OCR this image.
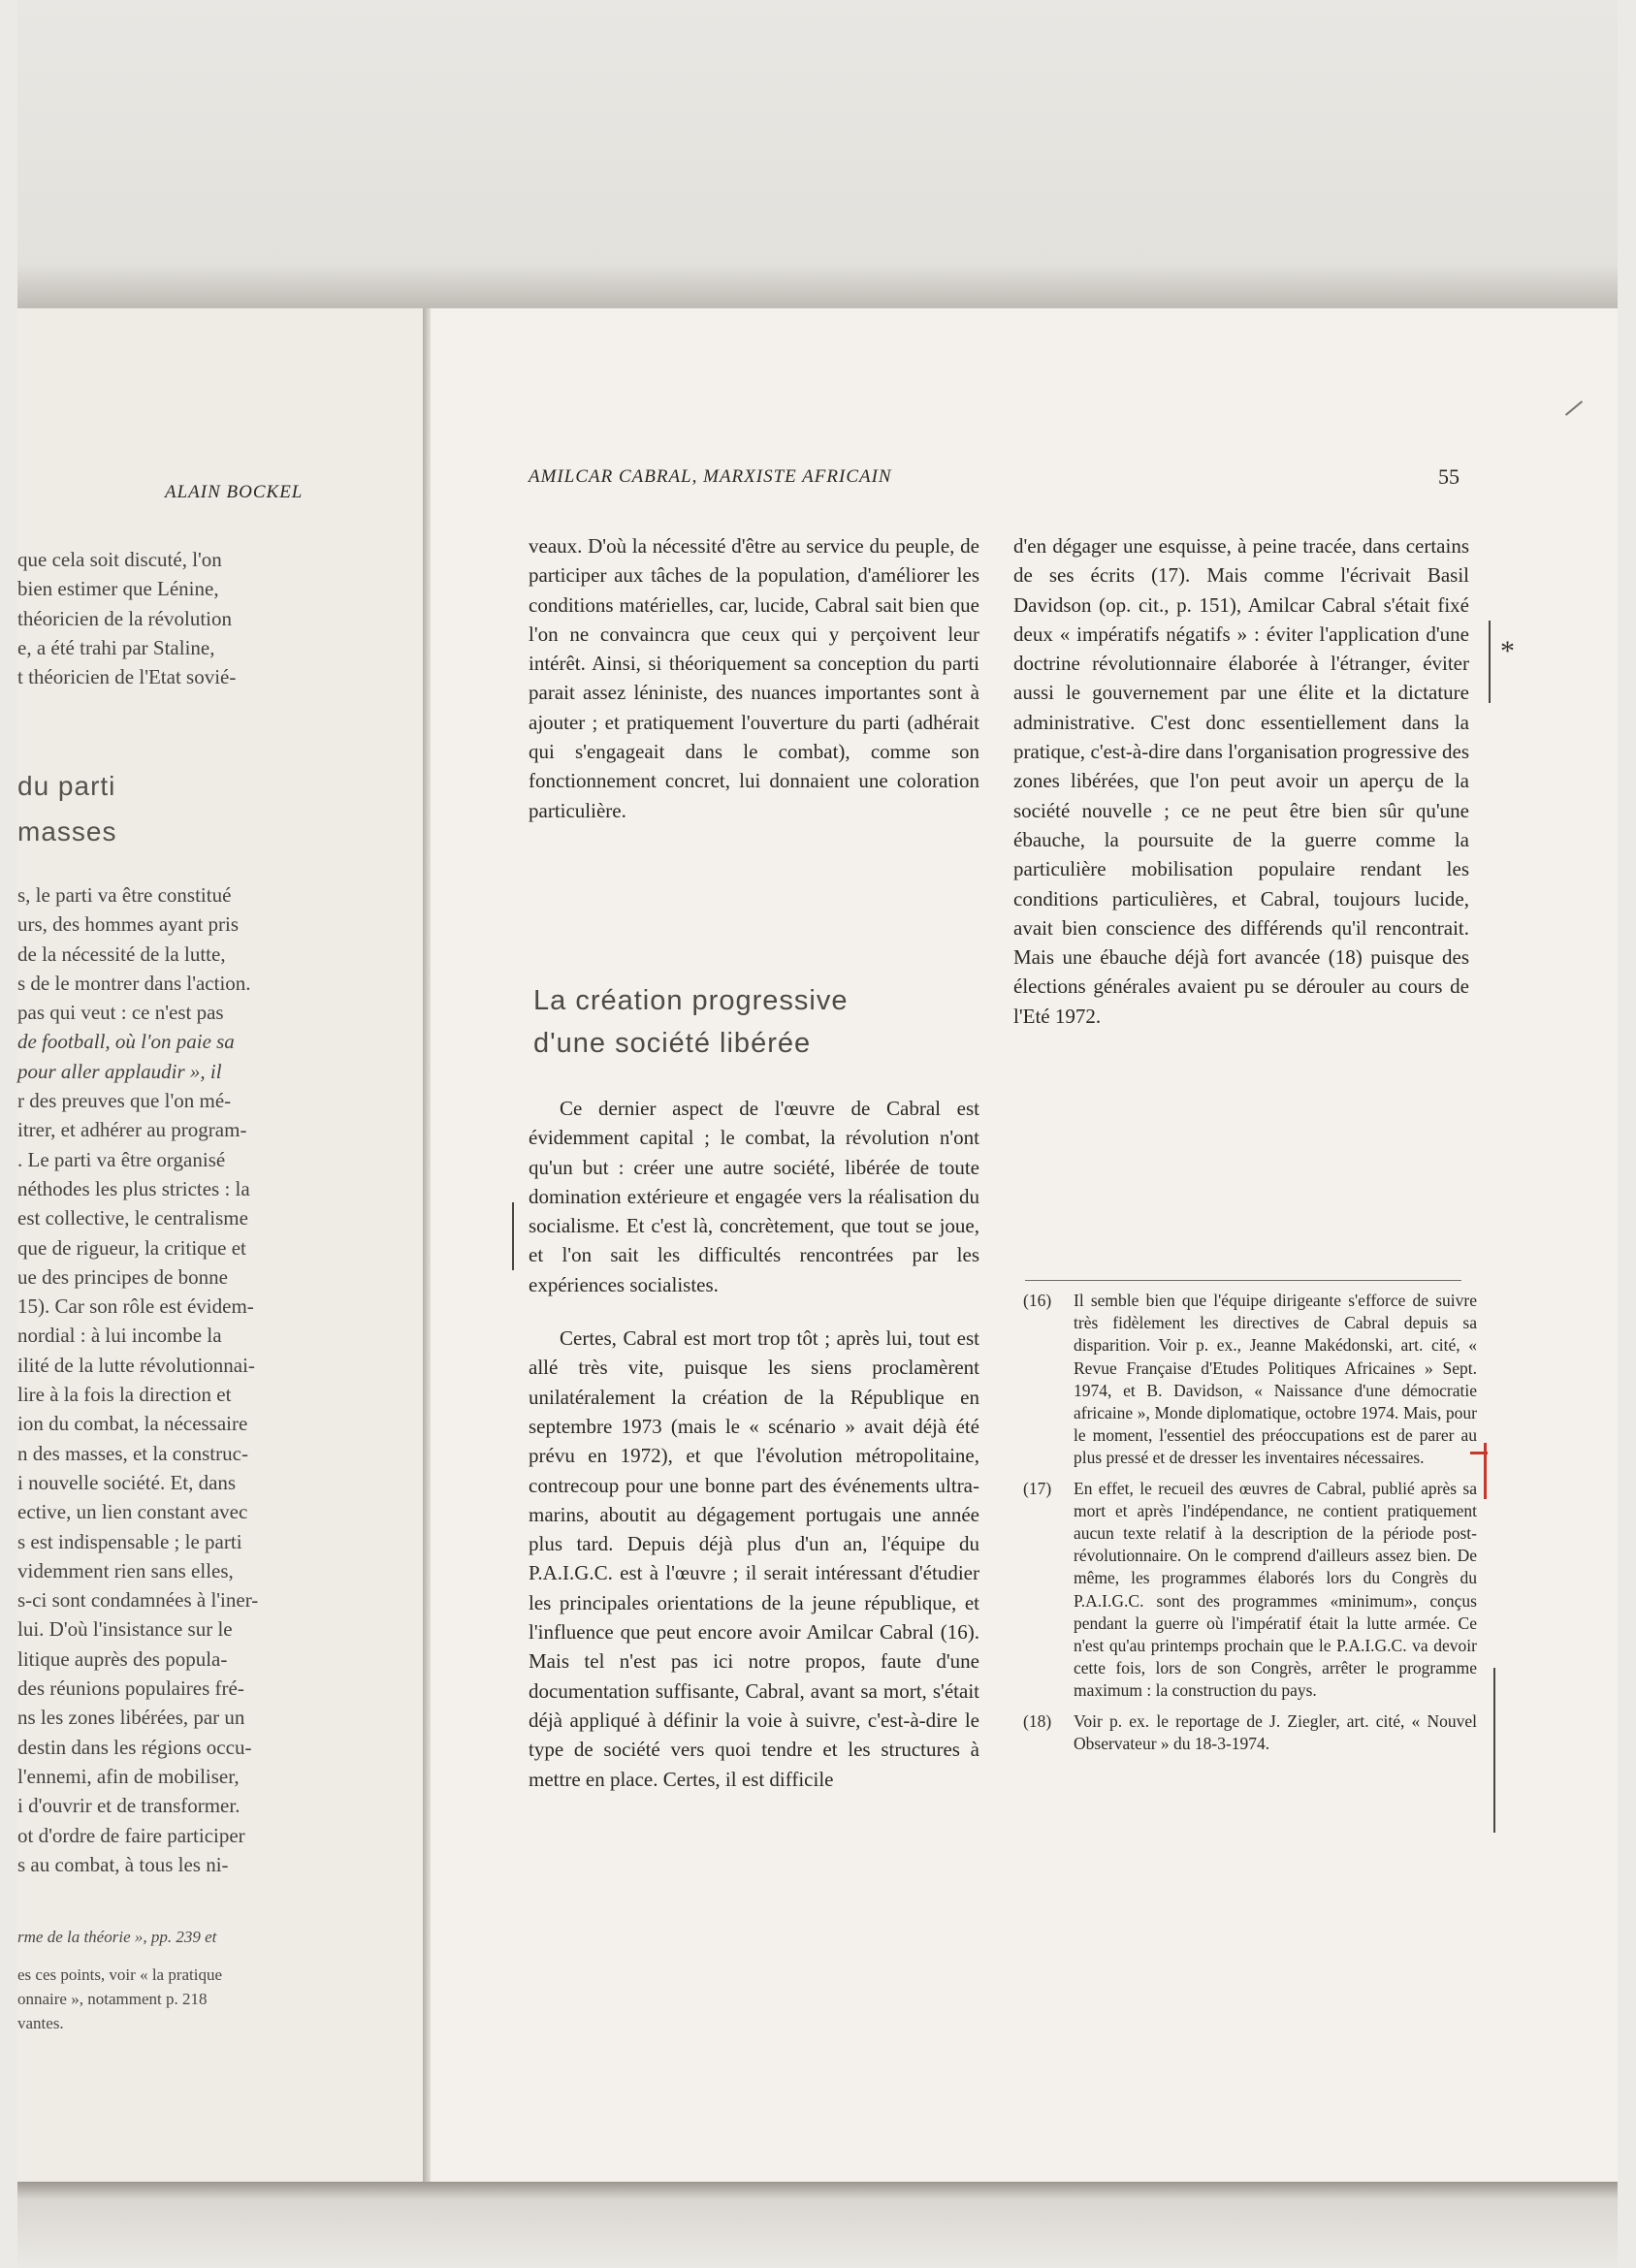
ALAIN BOCKEL
AMILCAR CABRAL, MARXISTE AFRICAIN	55
que cela soit discuté, l'on
bien estimer que Lénine,
théoricien de la révolution
e, a été trahi par Staline,
t théoricien de l'Etat sovié-
du parti
masses
s, le parti va être constitué
urs, des hommes ayant pris
de la nécessité de la lutte,
s de le montrer dans l'action.
pas qui veut : ce n'est pas
de football, où l'on paie sa
pour aller applaudir », il
r des preuves que l'on mé-
itrer, et adhérer au program-
. Le parti va être organisé
néthodes les plus strictes : la
est collective, le centralisme
que de rigueur, la critique et
ue des principes de bonne
15). Car son rôle est évidem-
nordial : à lui incombe la
ilité de la lutte révolutionnai-
lire à la fois la direction et
ion du combat, la nécessaire
n des masses, et la construc-
i nouvelle société. Et, dans
ective, un lien constant avec
s est indispensable ; le parti
videmment rien sans elles,
s-ci sont condamnées à l'iner-
lui. D'où l'insistance sur le
litique auprès des popula-
des réunions populaires fré-
ns les zones libérées, par un
destin dans les régions occu-
l'ennemi, afin de mobiliser,
i d'ouvrir et de transformer.
ot d'ordre de faire participer
s au combat, à tous les ni-
rme de la théorie », pp. 239 et
es ces points, voir « la pratique
onnaire », notamment p. 218
vantes.

veaux. D'où la nécessité d'être au service du peuple, de participer aux tâches de la population, d'améliorer les conditions matérielles, car, lucide, Cabral sait bien que l'on ne convaincra que ceux qui y perçoivent leur intérêt. Ainsi, si théoriquement sa conception du parti parait assez léniniste, des nuances importantes sont à ajouter ; et pratiquement l'ouverture du parti (adhérait qui s'engageait dans le combat), comme son fonctionnement concret, lui donnaient une coloration particulière.

La création progressive
d'une société libérée

Ce dernier aspect de l'œuvre de Cabral est évidemment capital ; le combat, la révolution n'ont qu'un but : créer une autre société, libérée de toute domination extérieure et engagée vers la réalisation du socialisme. Et c'est là, concrètement, que tout se joue, et l'on sait les difficultés rencontrées par les expériences socialistes.

Certes, Cabral est mort trop tôt ; après lui, tout est allé très vite, puisque les siens proclamèrent unilatéralement la création de la République en septembre 1973 (mais le « scénario » avait déjà été prévu en 1972), et que l'évolution métropolitaine, contrecoup pour une bonne part des événements ultra-marins, aboutit au dégagement portugais une année plus tard. Depuis déjà plus d'un an, l'équipe du P.A.I.G.C. est à l'œuvre ; il serait intéressant d'étudier les principales orientations de la jeune république, et l'influence que peut encore avoir Amilcar Cabral (16). Mais tel n'est pas ici notre propos, faute d'une documentation suffisante, Cabral, avant sa mort, s'était déjà appliqué à définir la voie à suivre, c'est-à-dire le type de société vers quoi tendre et les structures à mettre en place. Certes, il est difficile

d'en dégager une esquisse, à peine tracée, dans certains de ses écrits (17). Mais comme l'écrivait Basil Davidson (op. cit., p. 151), Amilcar Cabral s'était fixé deux « impératifs négatifs » : éviter l'application d'une doctrine révolutionnaire élaborée à l'étranger, éviter aussi le gouvernement par une élite et la dictature administrative. C'est donc essentiellement dans la pratique, c'est-à-dire dans l'organisation progressive des zones libérées, que l'on peut avoir un aperçu de la société nouvelle ; ce ne peut être bien sûr qu'une ébauche, la poursuite de la guerre comme la particulière mobilisation populaire rendant les conditions particulières, et Cabral, toujours lucide, avait bien conscience des différends qu'il rencontrait. Mais une ébauche déjà fort avancée (18) puisque des élections générales avaient pu se dérouler au cours de l'Eté 1972.

(16)	Il semble bien que l'équipe dirigeante s'efforce de suivre très fidèlement les directives de Cabral depuis sa disparition. Voir p. ex., Jeanne Makédonski, art. cité, « Revue Française d'Etudes Politiques Africaines » Sept. 1974, et B. Davidson, « Naissance d'une démocratie africaine », Monde diplomatique, octobre 1974. Mais, pour le moment, l'essentiel des préoccupations est de parer au plus pressé et de dresser les inventaires nécessaires.
(17)	En effet, le recueil des œuvres de Cabral, publié après sa mort et après l'indépendance, ne contient pratiquement aucun texte relatif à la description de la période post-révolutionnaire. On le comprend d'ailleurs assez bien. De même, les programmes élaborés lors du Congrès du P.A.I.G.C. sont des programmes «minimum», conçus pendant la guerre où l'impératif était la lutte armée. Ce n'est qu'au printemps prochain que le P.A.I.G.C. va devoir cette fois, lors de son Congrès, arrêter le programme maximum : la construction du pays.
(18)	Voir p. ex. le reportage de J. Ziegler, art. cité, « Nouvel Observateur » du 18-3-1974.
*
